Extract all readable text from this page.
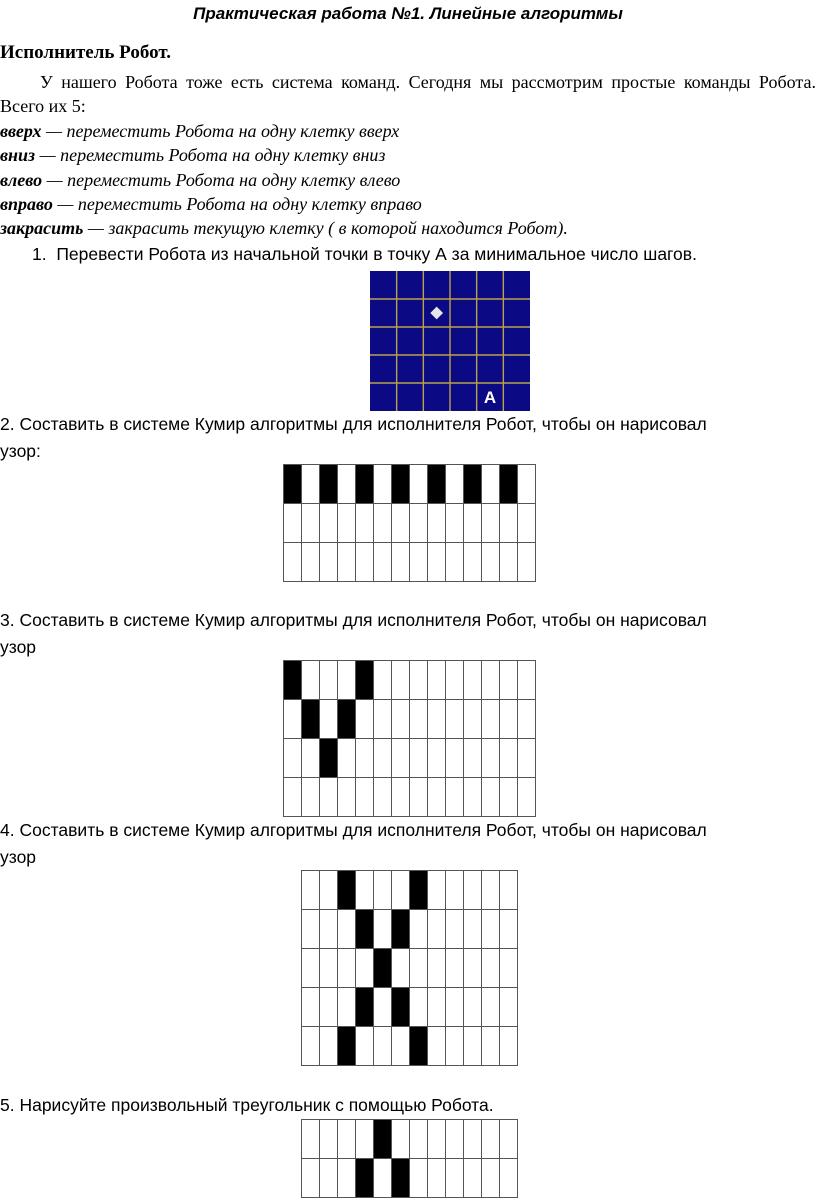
Практическая работа №1. Линейные алгоритмы
Исполнитель Робот.
У нашего Робота тоже есть система команд. Сегодня мы рассмотрим простые команды Робота. Всего их 5:
вверх — переместить Робота на одну клетку вверх
вниз — переместить Робота на одну клетку вниз
влево — переместить Робота на одну клетку влево
вправо — переместить Робота на одну клетку вправо
закрасить — закрасить текущую клетку ( в которой находится Робот).
1. Перевести Робота из начальной точки в точку А за минимальное число шагов.
А
2. Составить в системе Кумир алгоритмы для исполнителя Робот, чтобы он нарисовал
узор:
3. Составить в системе Кумир алгоритмы для исполнителя Робот, чтобы он нарисовал
узор
4. Составить в системе Кумир алгоритмы для исполнителя Робот, чтобы он нарисовал
узор
5. Нарисуйте произвольный треугольник с помощью Робота.
